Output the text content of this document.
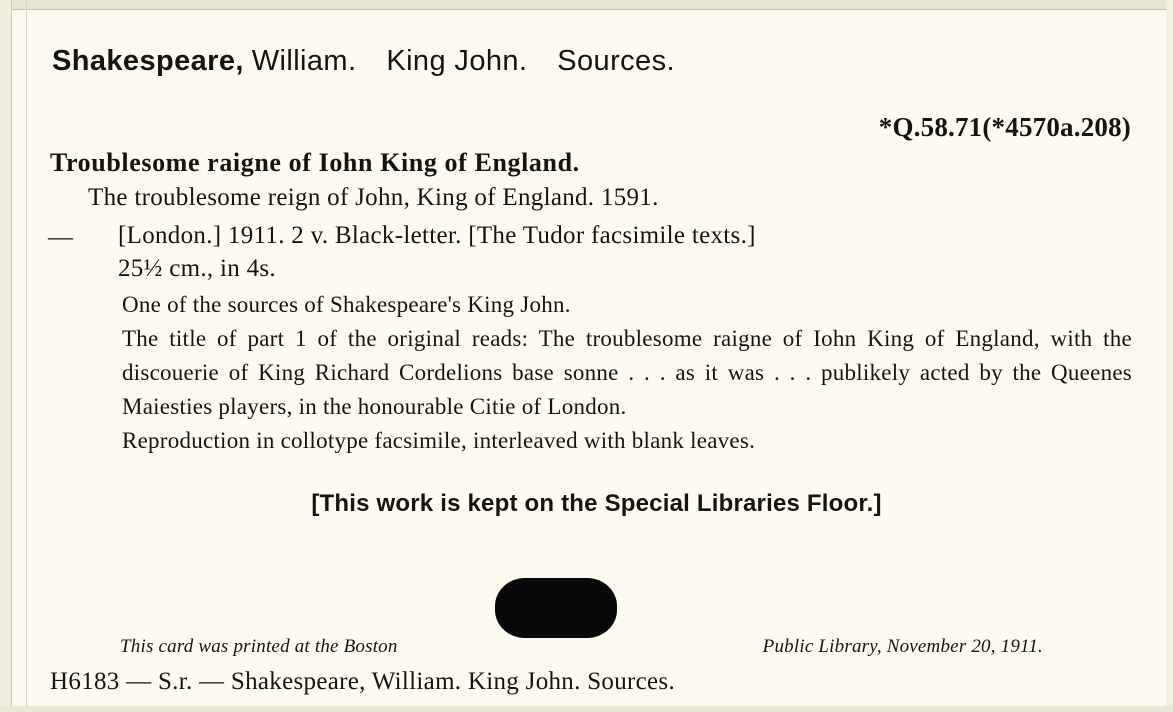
Shakespeare, William. King John. Sources.
*Q.58.71(*4570a.208)
Troublesome raigne of Iohn King of England.
The troublesome reign of John, King of England. 1591.
— [London.] 1911. 2 v. Black-letter. [The Tudor facsimile texts.]
25½ cm., in 4s.
One of the sources of Shakespeare's King John.
The title of part 1 of the original reads: The troublesome raigne of Iohn King of England, with the discouerie of King Richard Cordelions base sonne . . . as it was . . . publikely acted by the Queenes Maiesties players, in the honourable Citie of London.
Reproduction in collotype facsimile, interleaved with blank leaves.
[This work is kept on the Special Libraries Floor.]
This card was printed at the Boston	Public Library, November 20, 1911.
H6183 — S.r. — Shakespeare, William. King John. Sources.
